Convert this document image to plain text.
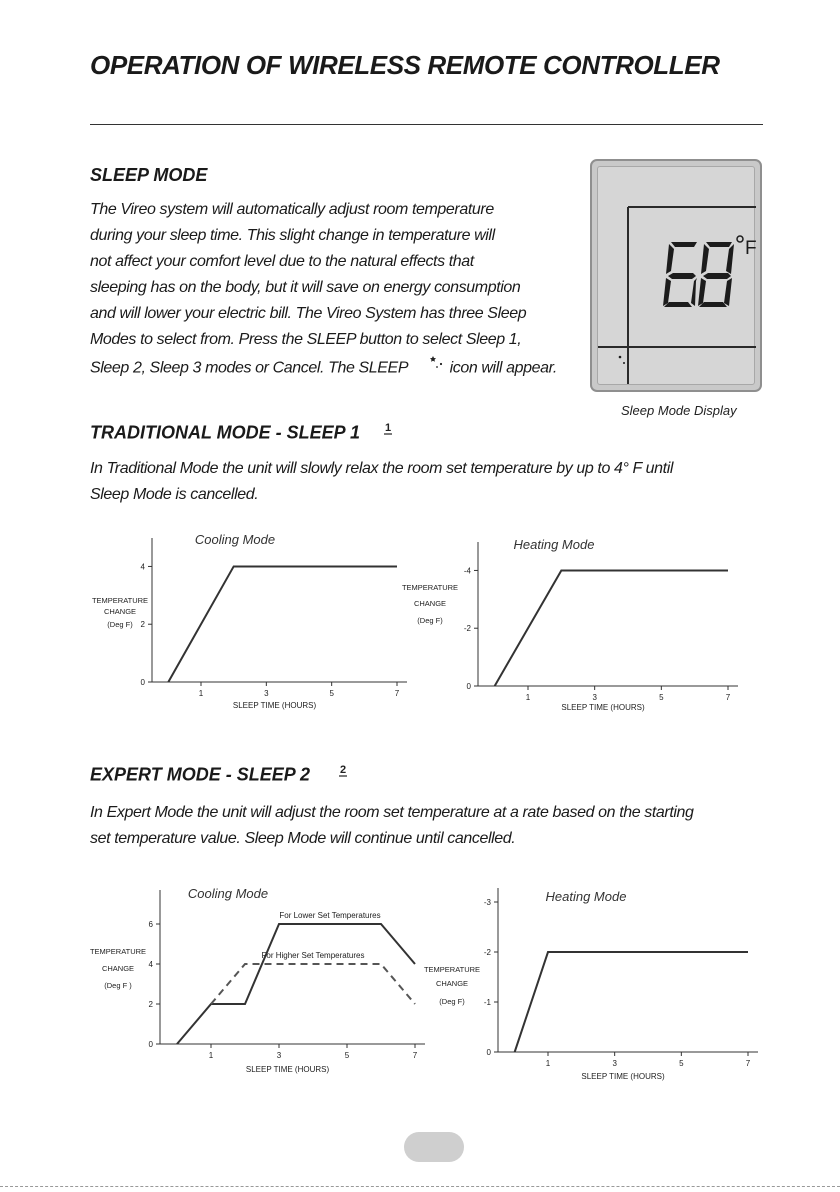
OPERATION OF WIRELESS REMOTE CONTROLLER
SLEEP MODE

The Vireo system will automatically adjust room temperature

during your sleep time. This slight change in temperature will

not affect your comfort level due to the natural effects that

sleeping has on the body, but it will save on energy consumption

and will lower your electric bill. The Vireo System has three Sleep

Modes to select from. Press the SLEEP button to select Sleep 1,

Sleep 2, Sleep 3 modes or Cancel. The SLEEP	icon will appear.

F
Sleep Mode Display
TRADITIONAL MODE - SLEEP 1 1

In Traditional Mode the unit will slowly relax the room set temperature by up to 4° F until

Sleep Mode is cancelled.

Cooling Mode
0
2
4
1	3	5	7
SLEEP TIME (HOURS)
TEMPERATURE
CHANGE
(Deg F)
Heating Mode
0
-2
-4
1	3	5	7
SLEEP TIME (HOURS)
TEMPERATURE
CHANGE
(Deg F)
EXPERT MODE - SLEEP 2	2

In Expert Mode the unit will adjust the room set temperature at a rate based on the starting

set temperature value. Sleep Mode will continue until cancelled.

Cooling Mode
0
2
4
6
1	3	5	7
SLEEP TIME (HOURS)
TEMPERATURE
CHANGE
(Deg F )
For Lower Set Temperatures
For Higher Set Temperatures
Heating Mode
0
-1
-2
-3
1	3	5	7
SLEEP TIME (HOURS)
TEMPERATURE
CHANGE
(Deg F)
